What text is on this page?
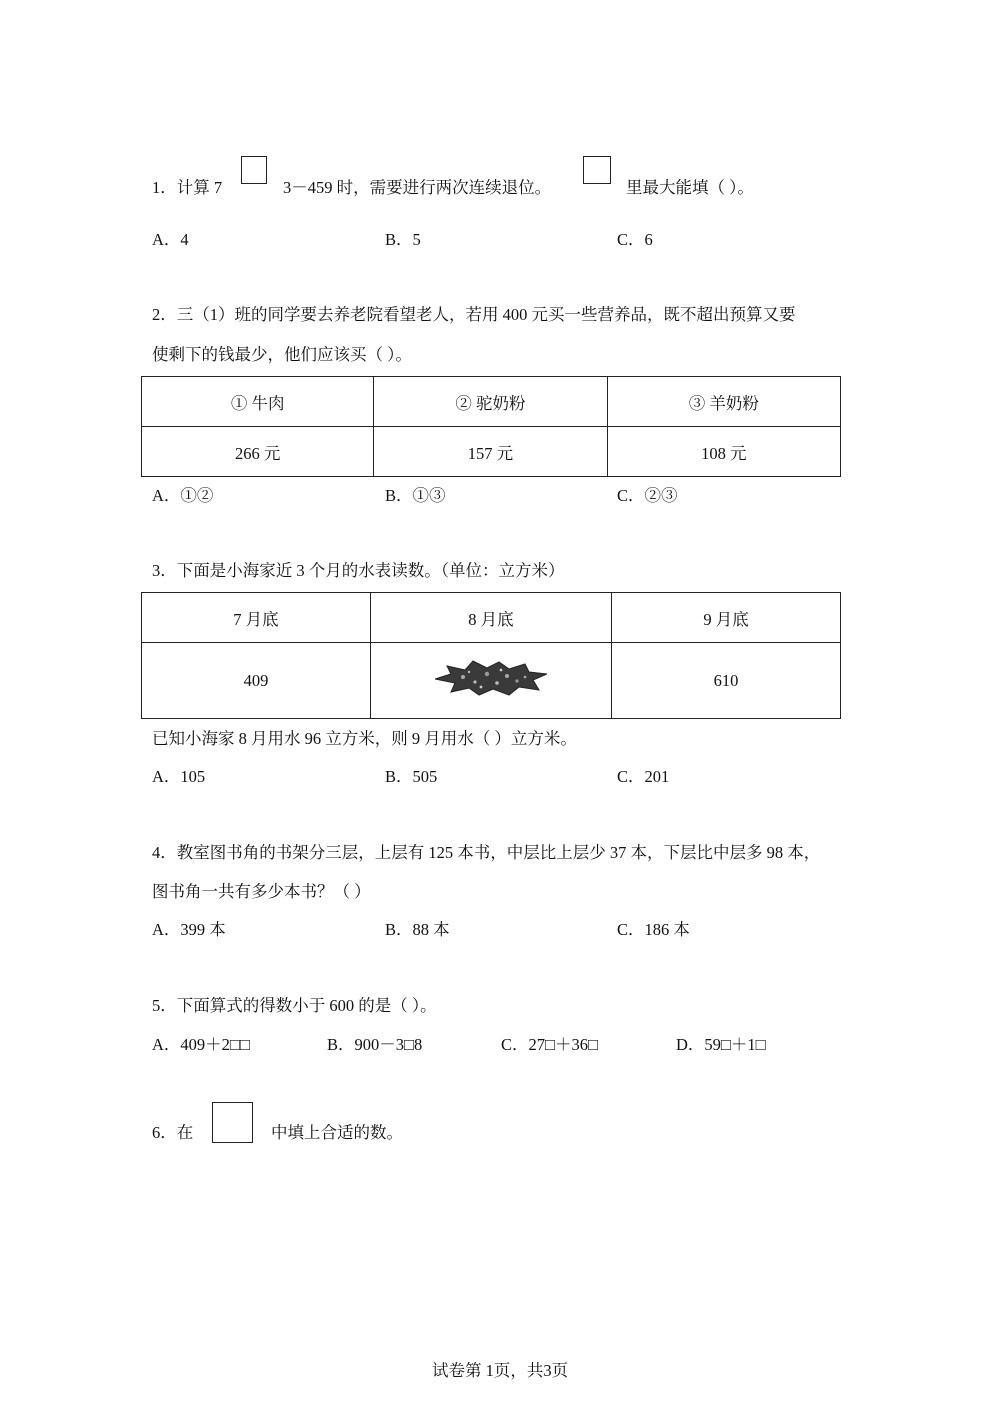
1．计算 7	3－459 时，需要进行两次连续退位。	里最大能填（ ）。
A．4	B．5	C．6
2．三（1）班的同学要去养老院看望老人，若用 400 元买一些营养品，既不超出预算又要
使剩下的钱最少，他们应该买（ ）。
① 牛肉	② 驼奶粉	③ 羊奶粉
266 元	157 元	108 元
A．①②	B．①③	C．②③
3．下面是小海家近 3 个月的水表读数。（单位：立方米）
7 月底	8 月底	9 月底
409		610
已知小海家 8 月用水 96 立方米，则 9 月用水（ ）立方米。
A．105	B．505	C．201
4．教室图书角的书架分三层，上层有 125 本书，中层比上层少 37 本，下层比中层多 98 本，
图书角一共有多少本书？（ ）
A．399 本	B．88 本	C．186 本
5．下面算式的得数小于 600 的是（ ）。
A．409＋2□□	B．900－3□8	C．27□＋36□	D．59□＋1□
6．在	中填上合适的数。
试卷第 1页，共3页
